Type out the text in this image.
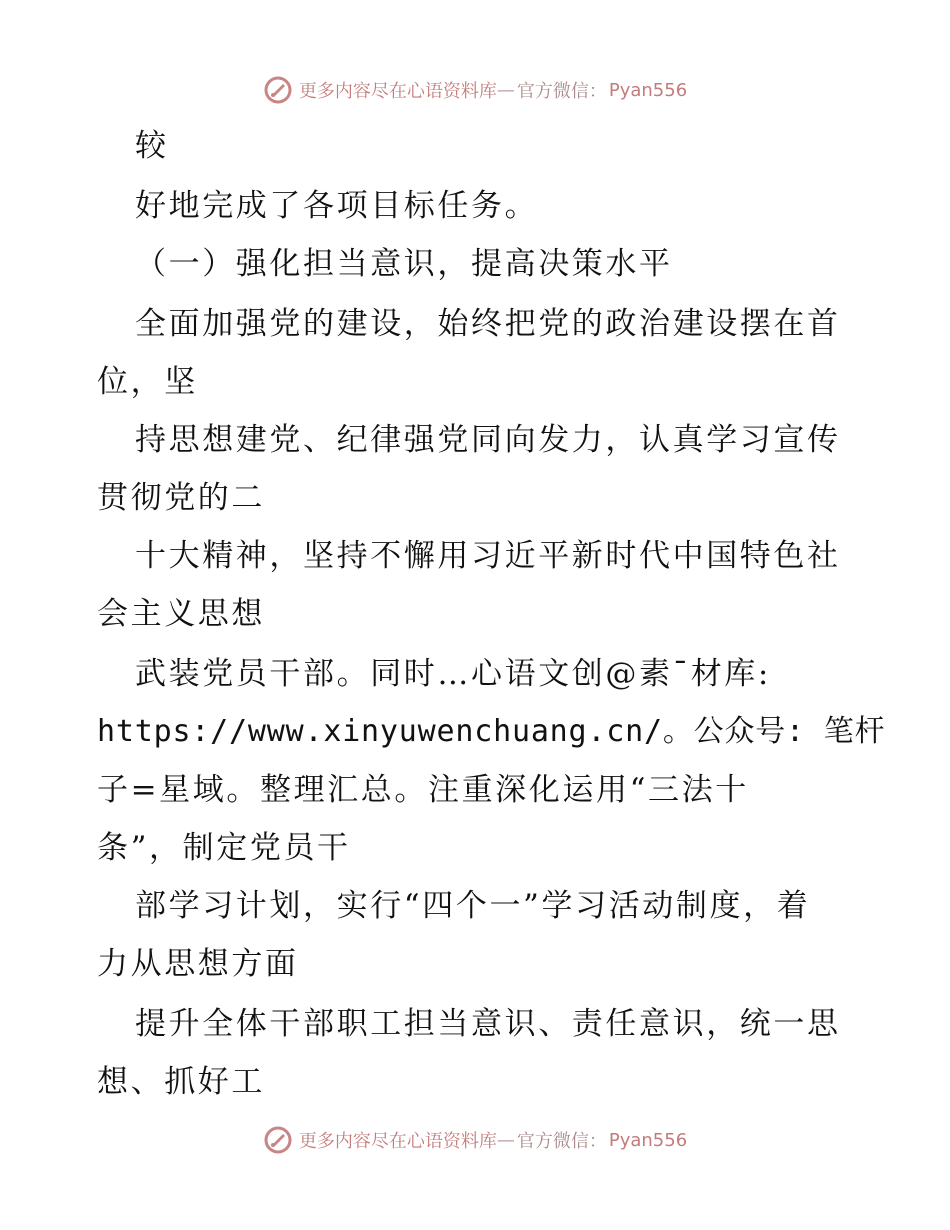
更多内容尽在心语资料库 — 官方微信： Pyan556
较
好地完成了各项目标任务。
（一）强化担当意识，提高决策水平
全面加强党的建设，始终把党的政治建设摆在首
位，坚
持思想建党、纪律强党同向发力，认真学习宣传
贯彻党的二
十大精神，坚持不懈用习近平新时代中国特色社
会主义思想
武装党员干部。同时…心语文创@素¯材库:
https://www.xinyuwenchuang.cn/。公众号: 笔杆
子=星域。整理汇总。注重深化运用“三法十
条”，制定党员干
部学习计划，实行“四个一”学习活动制度，着
力从思想方面
提升全体干部职工担当意识、责任意识，统一思
想、抓好工
更多内容尽在心语资料库 — 官方微信： Pyan556
